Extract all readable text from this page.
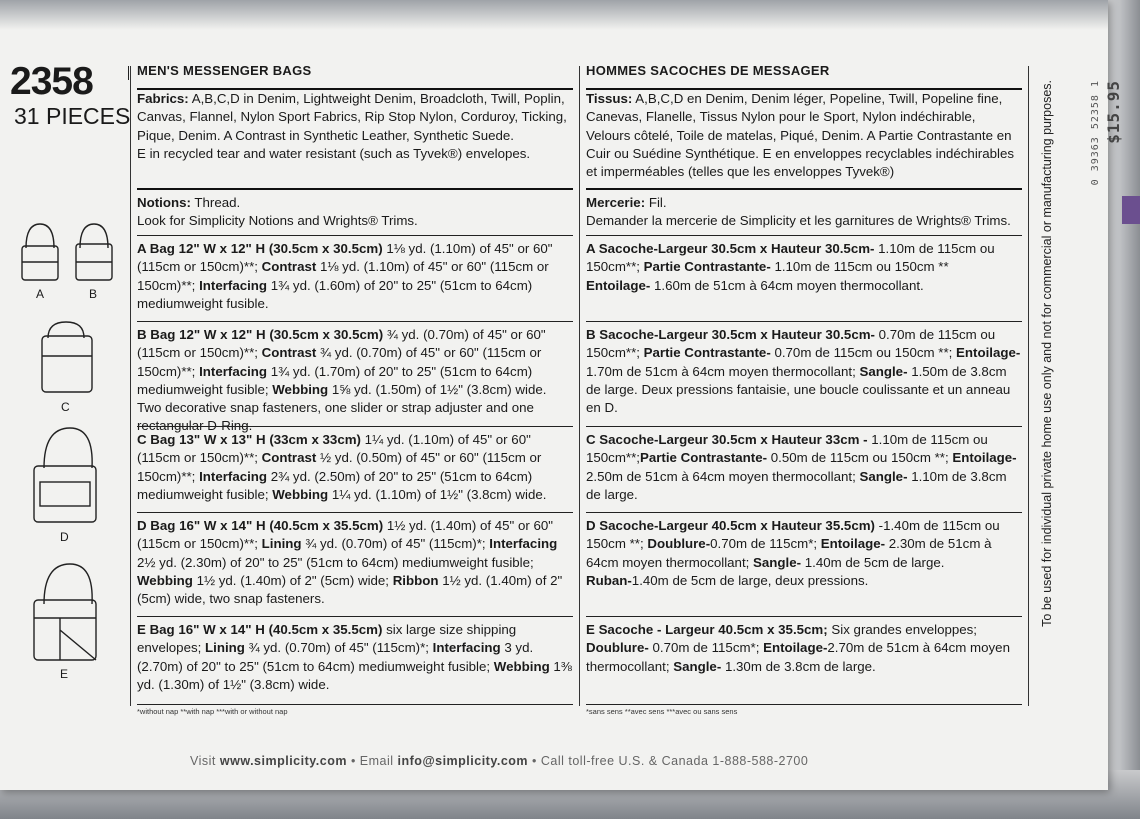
0 39363 52358 1 $15.95
To be used for individual private home use only and not for commercial or manufacturing purposes.
2358
31 PIECES
A	B
C
D
E
MEN'S MESSENGER BAGS	HOMMES SACOCHES DE MESSAGER

Fabrics: A,B,C,D in Denim, Lightweight Denim, Broadcloth, Twill, Poplin, Canvas, Flannel, Nylon Sport Fabrics, Rip Stop Nylon, Corduroy, Ticking, Pique, Denim. A Contrast in Synthetic Leather, Synthetic Suede.

E in recycled tear and water resistant (such as Tyvek®) envelopes.

Notions: Thread.

Look for Simplicity Notions and Wrights® Trims.

A Bag 12" W x 12" H (30.5cm x 30.5cm) 1⅛ yd. (1.10m) of 45" or 60" (115cm or 150cm)**; Contrast 1⅛ yd. (1.10m) of 45" or 60" (115cm or 150cm)**; Interfacing 1¾ yd. (1.60m) of 20" to 25" (51cm to 64cm) mediumweight fusible.

B Bag 12" W x 12" H (30.5cm x 30.5cm) ¾ yd. (0.70m) of 45" or 60" (115cm or 150cm)**; Contrast ¾ yd. (0.70m) of 45" or 60" (115cm or 150cm)**; Interfacing 1¾ yd. (1.70m) of 20" to 25" (51cm to 64cm) mediumweight fusible; Webbing 1⅝ yd. (1.50m) of 1½" (3.8cm) wide. Two decorative snap fasteners, one slider or strap adjuster and one rectangular D-Ring.

C Bag 13" W x 13" H (33cm x 33cm) 1¼ yd. (1.10m) of 45" or 60" (115cm or 150cm)**; Contrast ½ yd. (0.50m) of 45" or 60" (115cm or 150cm)**; Interfacing 2¾ yd. (2.50m) of 20" to 25" (51cm to 64cm) mediumweight fusible; Webbing 1¼ yd. (1.10m) of 1½" (3.8cm) wide.

D Bag 16" W x 14" H (40.5cm x 35.5cm) 1½ yd. (1.40m) of 45" or 60" (115cm or 150cm)**; Lining ¾ yd. (0.70m) of 45" (115cm)*; Interfacing 2½ yd. (2.30m) of 20" to 25" (51cm to 64cm) mediumweight fusible; Webbing 1½ yd. (1.40m) of 2" (5cm) wide; Ribbon 1½ yd. (1.40m) of 2" (5cm) wide, two snap fasteners.

E Bag 16" W x 14" H (40.5cm x 35.5cm) six large size shipping envelopes; Lining ¾ yd. (0.70m) of 45" (115cm)*; Interfacing 3 yd. (2.70m) of 20" to 25" (51cm to 64cm) mediumweight fusible; Webbing 1⅜ yd. (1.30m) of 1½" (3.8cm) wide.

*without nap **with nap ***with or without nap

Tissus: A,B,C,D en Denim, Denim léger, Popeline, Twill, Popeline fine, Canevas, Flanelle, Tissus Nylon pour le Sport, Nylon indéchirable, Velours côtelé, Toile de matelas, Piqué, Denim. A Partie Contrastante en Cuir ou Suédine Synthétique. E en enveloppes recyclables indéchirables et imperméables (telles que les enveloppes Tyvek®)

Mercerie: Fil.

Demander la mercerie de Simplicity et les garnitures de Wrights® Trims.

A Sacoche-Largeur 30.5cm x Hauteur 30.5cm- 1.10m de 115cm ou 150cm**; Partie Contrastante- 1.10m de 115cm ou 150cm **
Entoilage- 1.60m de 51cm à 64cm moyen thermocollant.

B Sacoche-Largeur 30.5cm x Hauteur 30.5cm- 0.70m de 115cm ou 150cm**; Partie Contrastante- 0.70m de 115cm ou 150cm **; Entoilage- 1.70m de 51cm à 64cm moyen thermocollant; Sangle- 1.50m de 3.8cm de large. Deux pressions fantaisie, une boucle coulissante et un anneau en D.

C Sacoche-Largeur 30.5cm x Hauteur 33cm - 1.10m de 115cm ou 150cm**;Partie Contrastante- 0.50m de 115cm ou 150cm **; Entoilage- 2.50m de 51cm à 64cm moyen thermocollant; Sangle- 1.10m de 3.8cm de large.

D Sacoche-Largeur 40.5cm x Hauteur 35.5cm) -1.40m de 115cm ou 150cm **; Doublure-0.70m de 115cm*; Entoilage- 2.30m de 51cm à 64cm moyen thermocollant; Sangle- 1.40m de 5cm de large.
Ruban-1.40m de 5cm de large, deux pressions.

E Sacoche - Largeur 40.5cm x 35.5cm; Six grandes enveloppes; Doublure- 0.70m de 115cm*; Entoilage-2.70m de 51cm à 64cm moyen thermocollant; Sangle- 1.30m de 3.8cm de large.

*sans sens **avec sens ***avec ou sans sens
Visit www.simplicity.com • Email info@simplicity.com • Call toll-free U.S. & Canada 1-888-588-2700
